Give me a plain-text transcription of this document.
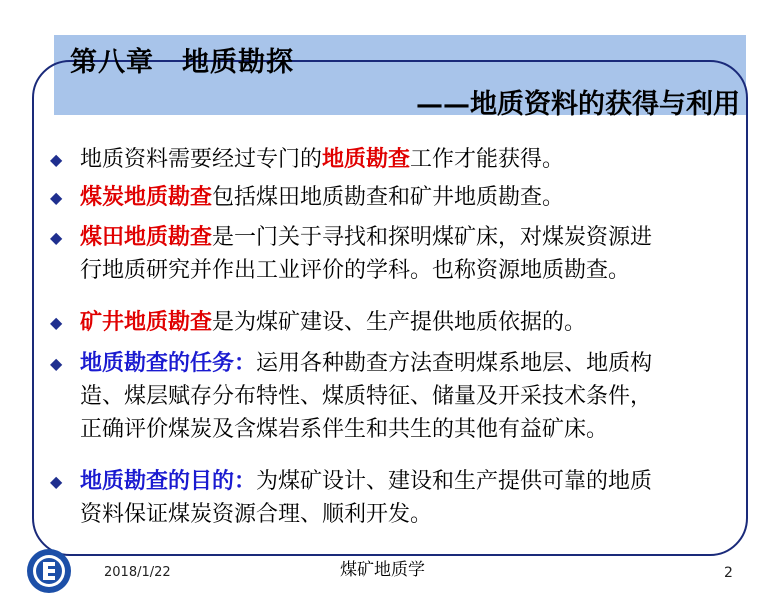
第八章　地质勘探
——地质资料的获得与利用
◆ 地质资料需要经过专门的地质勘查工作才能获得。
◆ 煤炭地质勘查包括煤田地质勘查和矿井地质勘查。
◆ 煤田地质勘查是一门关于寻找和探明煤矿床，对煤炭资源进
行地质研究并作出工业评价的学科。也称资源地质勘查。
◆ 矿井地质勘查是为煤矿建设、生产提供地质依据的。
◆ 地质勘查的任务：运用各种勘查方法查明煤系地层、地质构
造、煤层赋存分布特性、煤质特征、储量及开采技术条件，
正确评价煤炭及含煤岩系伴生和共生的其他有益矿床。
◆ 地质勘查的目的：为煤矿设计、建设和生产提供可靠的地质
资料保证煤炭资源合理、顺利开发。
2018/1/22	煤矿地质学	2
